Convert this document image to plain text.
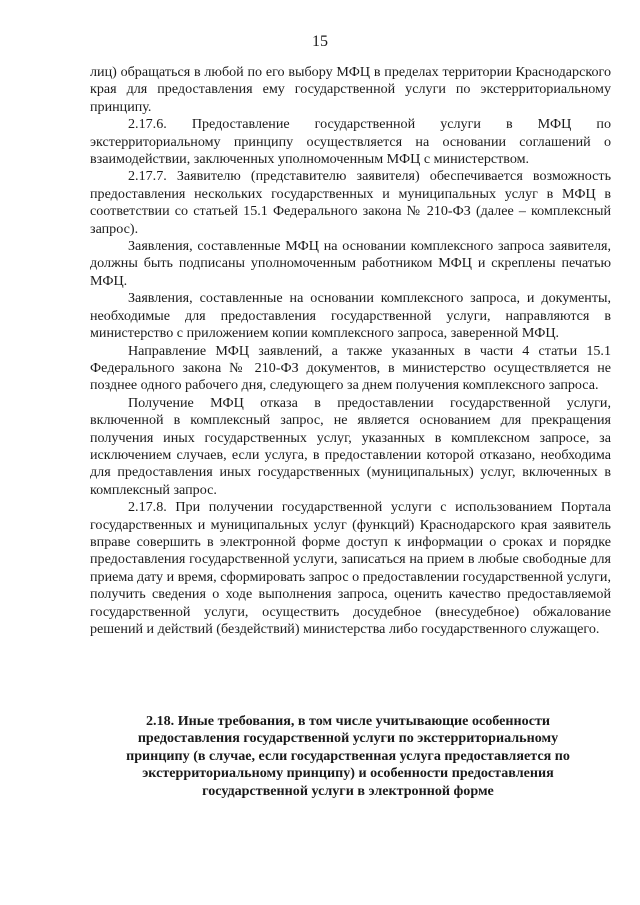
15

лиц) обращаться в любой по его выбору МФЦ в пределах территории Краснодарского края для предоставления ему государственной услуги по экстерриториальному принципу.

2.17.6. Предоставление государственной услуги в МФЦ по экстерриториальному принципу осуществляется на основании соглашений о взаимодействии, заключенных уполномоченным МФЦ с министерством.

2.17.7. Заявителю (представителю заявителя) обеспечивается возможность предоставления нескольких государственных и муниципальных услуг в МФЦ в соответствии со статьей 15.1 Федерального закона № 210-ФЗ (далее – комплексный запрос).

Заявления, составленные МФЦ на основании комплексного запроса заявителя, должны быть подписаны уполномоченным работником МФЦ и скреплены печатью МФЦ.

Заявления, составленные на основании комплексного запроса, и документы, необходимые для предоставления государственной услуги, направляются в министерство с приложением копии комплексного запроса, заверенной МФЦ.

Направление МФЦ заявлений, а также указанных в части 4 статьи 15.1 Федерального закона № 210-ФЗ документов, в министерство осуществляется не позднее одного рабочего дня, следующего за днем получения комплексного запроса.

Получение МФЦ отказа в предоставлении государственной услуги, включенной в комплексный запрос, не является основанием для прекращения получения иных государственных услуг, указанных в комплексном запросе, за исключением случаев, если услуга, в предоставлении которой отказано, необходима для предоставления иных государственных (муниципальных) услуг, включенных в комплексный запрос.

2.17.8. При получении государственной услуги с использованием Портала государственных и муниципальных услуг (функций) Краснодарского края заявитель вправе совершить в электронной форме доступ к информации о сроках и порядке предоставления государственной услуги, записаться на прием в любые свободные для приема дату и время, сформировать запрос о предоставлении государственной услуги, получить сведения о ходе выполнения запроса, оценить качество предоставляемой государственной услуги, осуществить досудебное (внесудебное) обжалование решений и действий (бездействий) министерства либо государственного служащего.

2.18. Иные требования, в том числе учитывающие особенности
предоставления государственной услуги по экстерриториальному
принципу (в случае, если государственная услуга предоставляется по
экстерриториальному принципу) и особенности предоставления
государственной услуги в электронной форме
